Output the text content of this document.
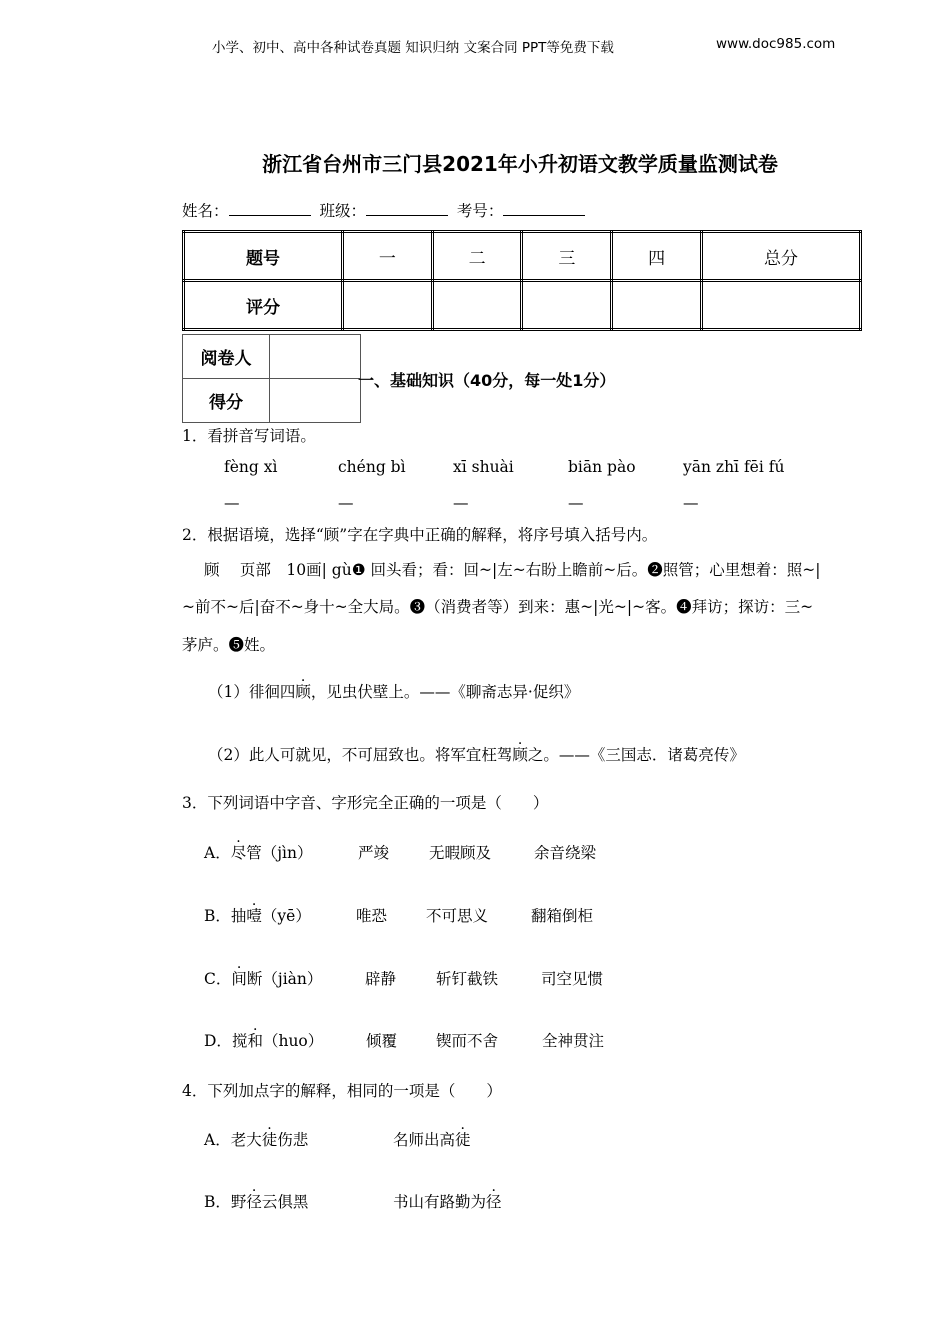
小学、初中、高中各种试卷真题 知识归纳 文案合同 PPT等免费下载	www.doc985.com
浙江省台州市三门县2021年小升初语文教学质量监测试卷
姓名：	班级：	考号：
题号	一	二	三	四	总分
评分					
阅卷人	
得分	
一、基础知识（40分，每一处1分）
1．看拼音写词语。
fèng xì	chéng bì	xī shuài	biān pào	yān zhī fēi fú
—	—	—	—	—
2．根据语境，选择“顾”字在字典中正确的解释，将序号填入括号内。
顾　 页部　10画| gù❶ 回头看；看：回~|左~右盼上瞻前~后。❷照管；心里想着：照~|
~前不~后|奋不~身十~全大局。❸（消费者等）到来：惠~|光~|~客。❹拜访；探访：三~
茅庐。❺姓。
（1）徘徊四顾，见虫伏壁上。——《聊斋志异·促织》
（2）此人可就见，不可屈致也。将军宜枉驾顾之。——《三国志．诸葛亮传》
3．下列词语中字音、字形完全正确的一项是（　　）
A．尽管（jìn）	严竣	无暇顾及	余音绕梁
B．抽噎（yē）	唯恐	不可思义	翻箱倒柜
C．间断（jiàn）	辟静	斩钉截铁	司空见惯
D．搅和（huo）	倾覆	锲而不舍	全神贯注
4．下列加点字的解释，相同的一项是（　　）
A．老大徒伤悲	名师出高徒
B．野径云俱黑	书山有路勤为径
